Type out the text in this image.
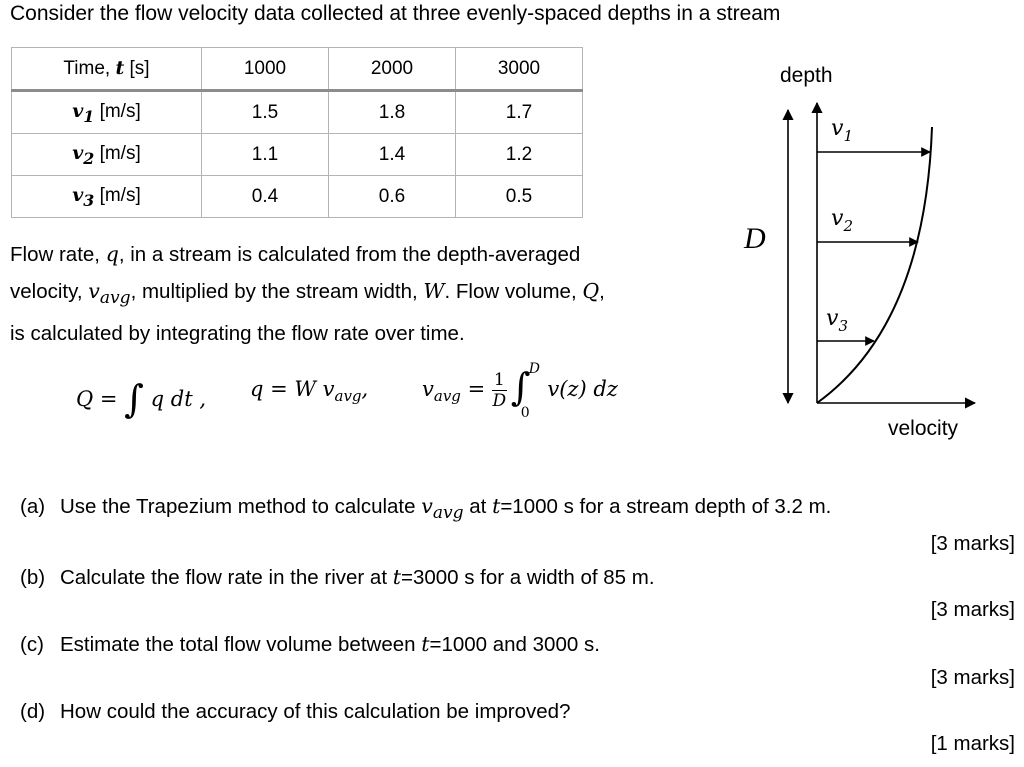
Consider the flow velocity data collected at three evenly-spaced depths in a stream
Time, t [s]	1000	2000	3000
$v_1$ [m/s]	1.5	1.8	1.7
$v_2$ [m/s]	1.1	1.4	1.2
$v_3$ [m/s]	0.4	0.6	0.5
Flow rate, q, in a stream is calculated from the depth-averaged
velocity, $v_{avg}$, multiplied by the stream width, W. Flow volume, Q,
is calculated by integrating the flow rate over time.
Q = ∫ q dt , q = W $v_{avg}$,	$v_{avg} = \frac{1}{D}$ ∫
D
0
v(z) dz
depth
velocity
D
$v_1$
$v_2$
$v_3$
(a) Use the Trapezium method to calculate $v_{avg}$ at t=1000 s for a stream depth of 3.2 m.
[3 marks]
(b) Calculate the flow rate in the river at t=3000 s for a width of 85 m.
[3 marks]
(c) Estimate the total flow volume between t=1000 and 3000 s.
[3 marks]
(d) How could the accuracy of this calculation be improved?
[1 marks]
